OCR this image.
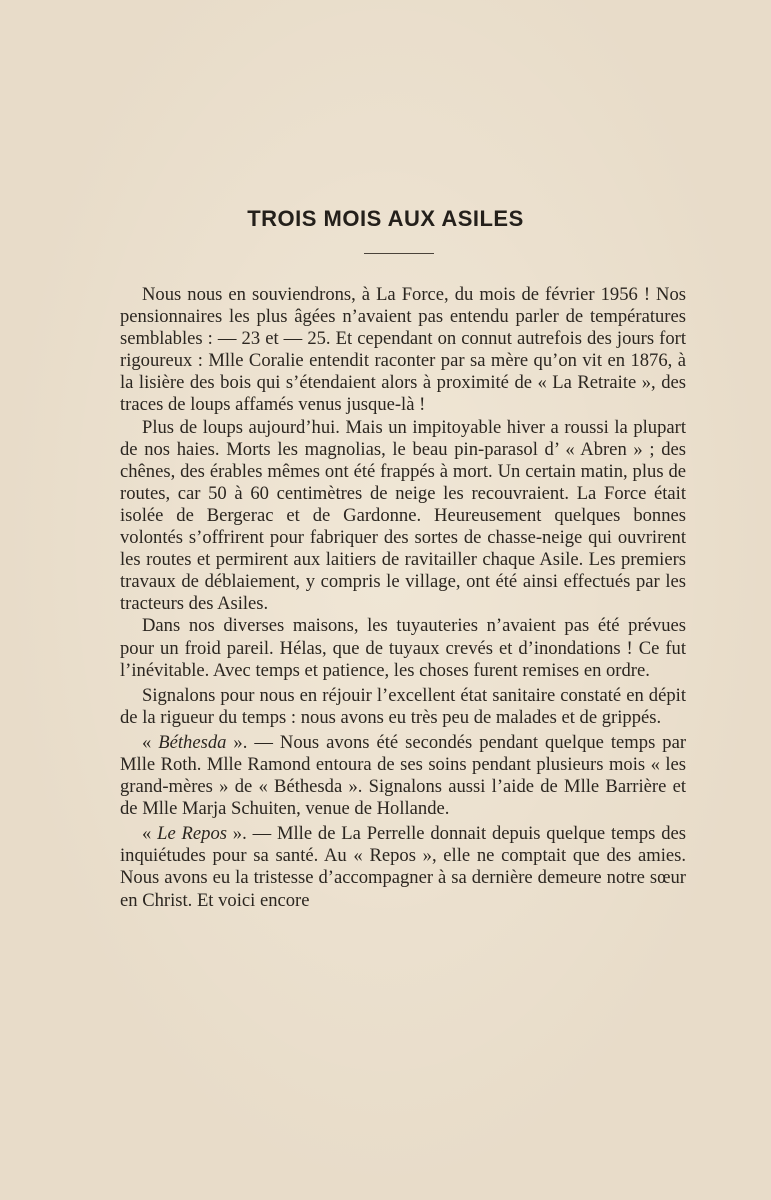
TROIS MOIS AUX ASILES

Nous nous en souviendrons, à La Force, du mois de février 1956 ! Nos pensionnaires les plus âgées n’avaient pas entendu parler de températures semblables : — 23 et — 25. Et cependant on connut autrefois des jours fort rigoureux : Mlle Coralie entendit raconter par sa mère qu’on vit en 1876, à la lisière des bois qui s’étendaient alors à proximité de « La Retraite », des traces de loups affamés venus jusque-là !

Plus de loups aujourd’hui. Mais un impitoyable hiver a roussi la plupart de nos haies. Morts les magnolias, le beau pin-parasol d’ « Abren » ; des chênes, des érables mêmes ont été frappés à mort. Un certain matin, plus de routes, car 50 à 60 centimètres de neige les recouvraient. La Force était isolée de Bergerac et de Gardonne. Heureusement quelques bonnes volontés s’offrirent pour fabriquer des sortes de chasse-neige qui ouvrirent les routes et permirent aux laitiers de ravitailler chaque Asile. Les premiers travaux de déblaiement, y compris le village, ont été ainsi effectués par les tracteurs des Asiles.

Dans nos diverses maisons, les tuyauteries n’avaient pas été prévues pour un froid pareil. Hélas, que de tuyaux crevés et d’inondations ! Ce fut l’inévitable. Avec temps et patience, les choses furent remises en ordre.

Signalons pour nous en réjouir l’excellent état sanitaire constaté en dépit de la rigueur du temps : nous avons eu très peu de malades et de grippés.

« Béthesda ». — Nous avons été secondés pendant quelque temps par Mlle Roth. Mlle Ramond entoura de ses soins pendant plusieurs mois « les grand-mères » de « Béthesda ». Signalons aussi l’aide de Mlle Barrière et de Mlle Marja Schuiten, venue de Hollande.

« Le Repos ». — Mlle de La Perrelle donnait depuis quelque temps des inquiétudes pour sa santé. Au « Repos », elle ne comptait que des amies. Nous avons eu la tristesse d’accompagner à sa dernière demeure notre sœur en Christ. Et voici encore
